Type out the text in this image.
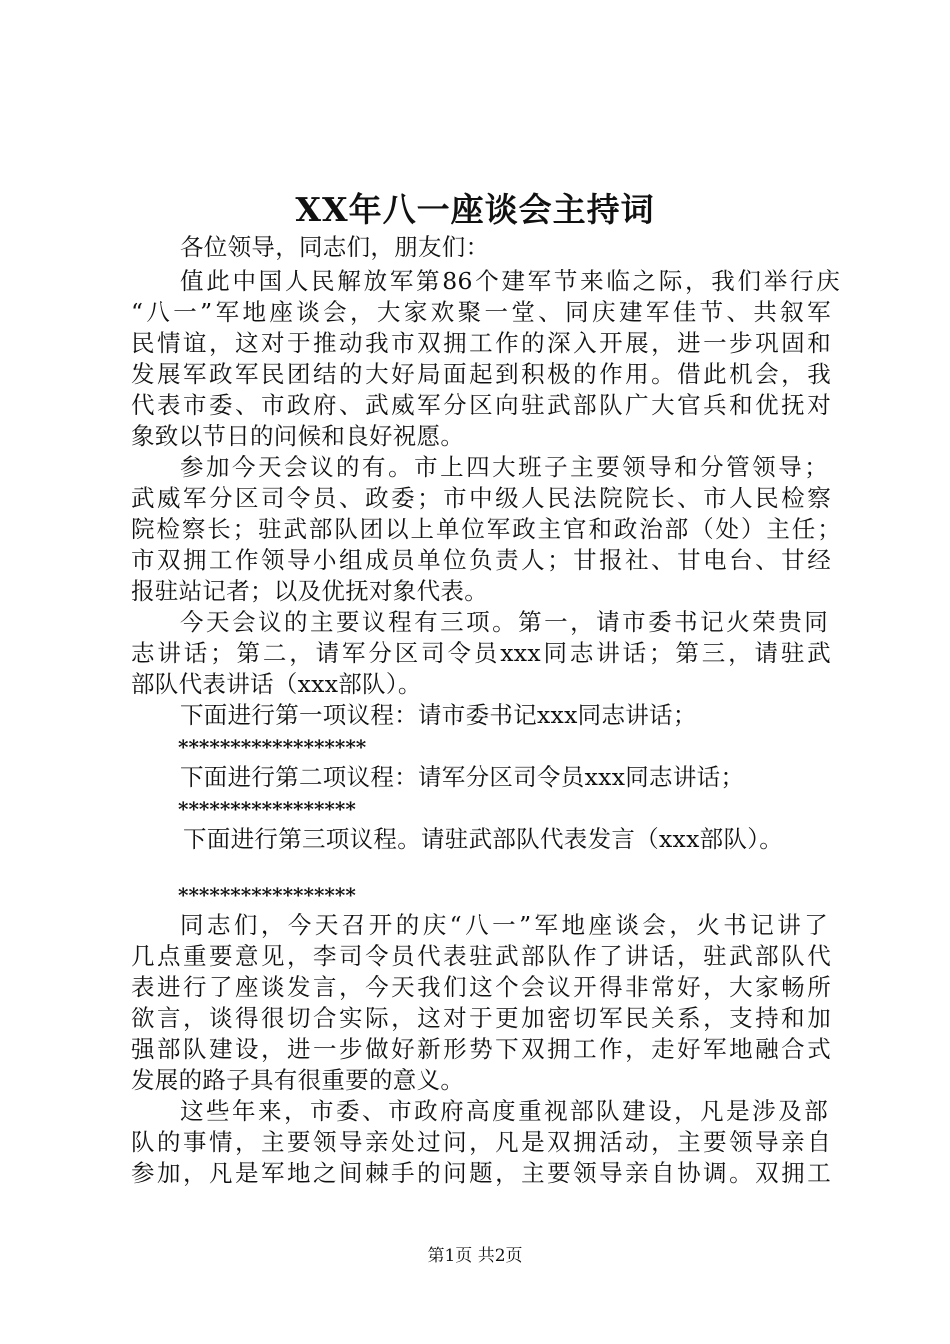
XX年八一座谈会主持词
各位领导，同志们，朋友们：
值此中国人民解放军第86个建军节来临之际，我们举行庆
“八一”军地座谈会，大家欢聚一堂、同庆建军佳节、共叙军
民情谊，这对于推动我市双拥工作的深入开展，进一步巩固和
发展军政军民团结的大好局面起到积极的作用。借此机会，我
代表市委、市政府、武威军分区向驻武部队广大官兵和优抚对
象致以节日的问候和良好祝愿。
参加今天会议的有。市上四大班子主要领导和分管领导；
武威军分区司令员、政委；市中级人民法院院长、市人民检察
院检察长；驻武部队团以上单位军政主官和政治部（处）主任；
市双拥工作领导小组成员单位负责人；甘报社、甘电台、甘经
报驻站记者；以及优抚对象代表。
今天会议的主要议程有三项。第一，请市委书记火荣贵同
志讲话；第二，请军分区司令员xxx同志讲话；第三，请驻武
部队代表讲话（xxx部队）。
下面进行第一项议程：请市委书记xxx同志讲话；
******************
下面进行第二项议程：请军分区司令员xxx同志讲话；
*****************
下面进行第三项议程。请驻武部队代表发言（xxx部队）。
*****************
同志们，今天召开的庆“八一”军地座谈会，火书记讲了
几点重要意见，李司令员代表驻武部队作了讲话，驻武部队代
表进行了座谈发言，今天我们这个会议开得非常好，大家畅所
欲言，谈得很切合实际，这对于更加密切军民关系，支持和加
强部队建设，进一步做好新形势下双拥工作，走好军地融合式
发展的路子具有很重要的意义。
这些年来，市委、市政府高度重视部队建设，凡是涉及部
队的事情，主要领导亲处过问，凡是双拥活动，主要领导亲自
参加，凡是军地之间棘手的问题，主要领导亲自协调。双拥工
第1页 共2页
